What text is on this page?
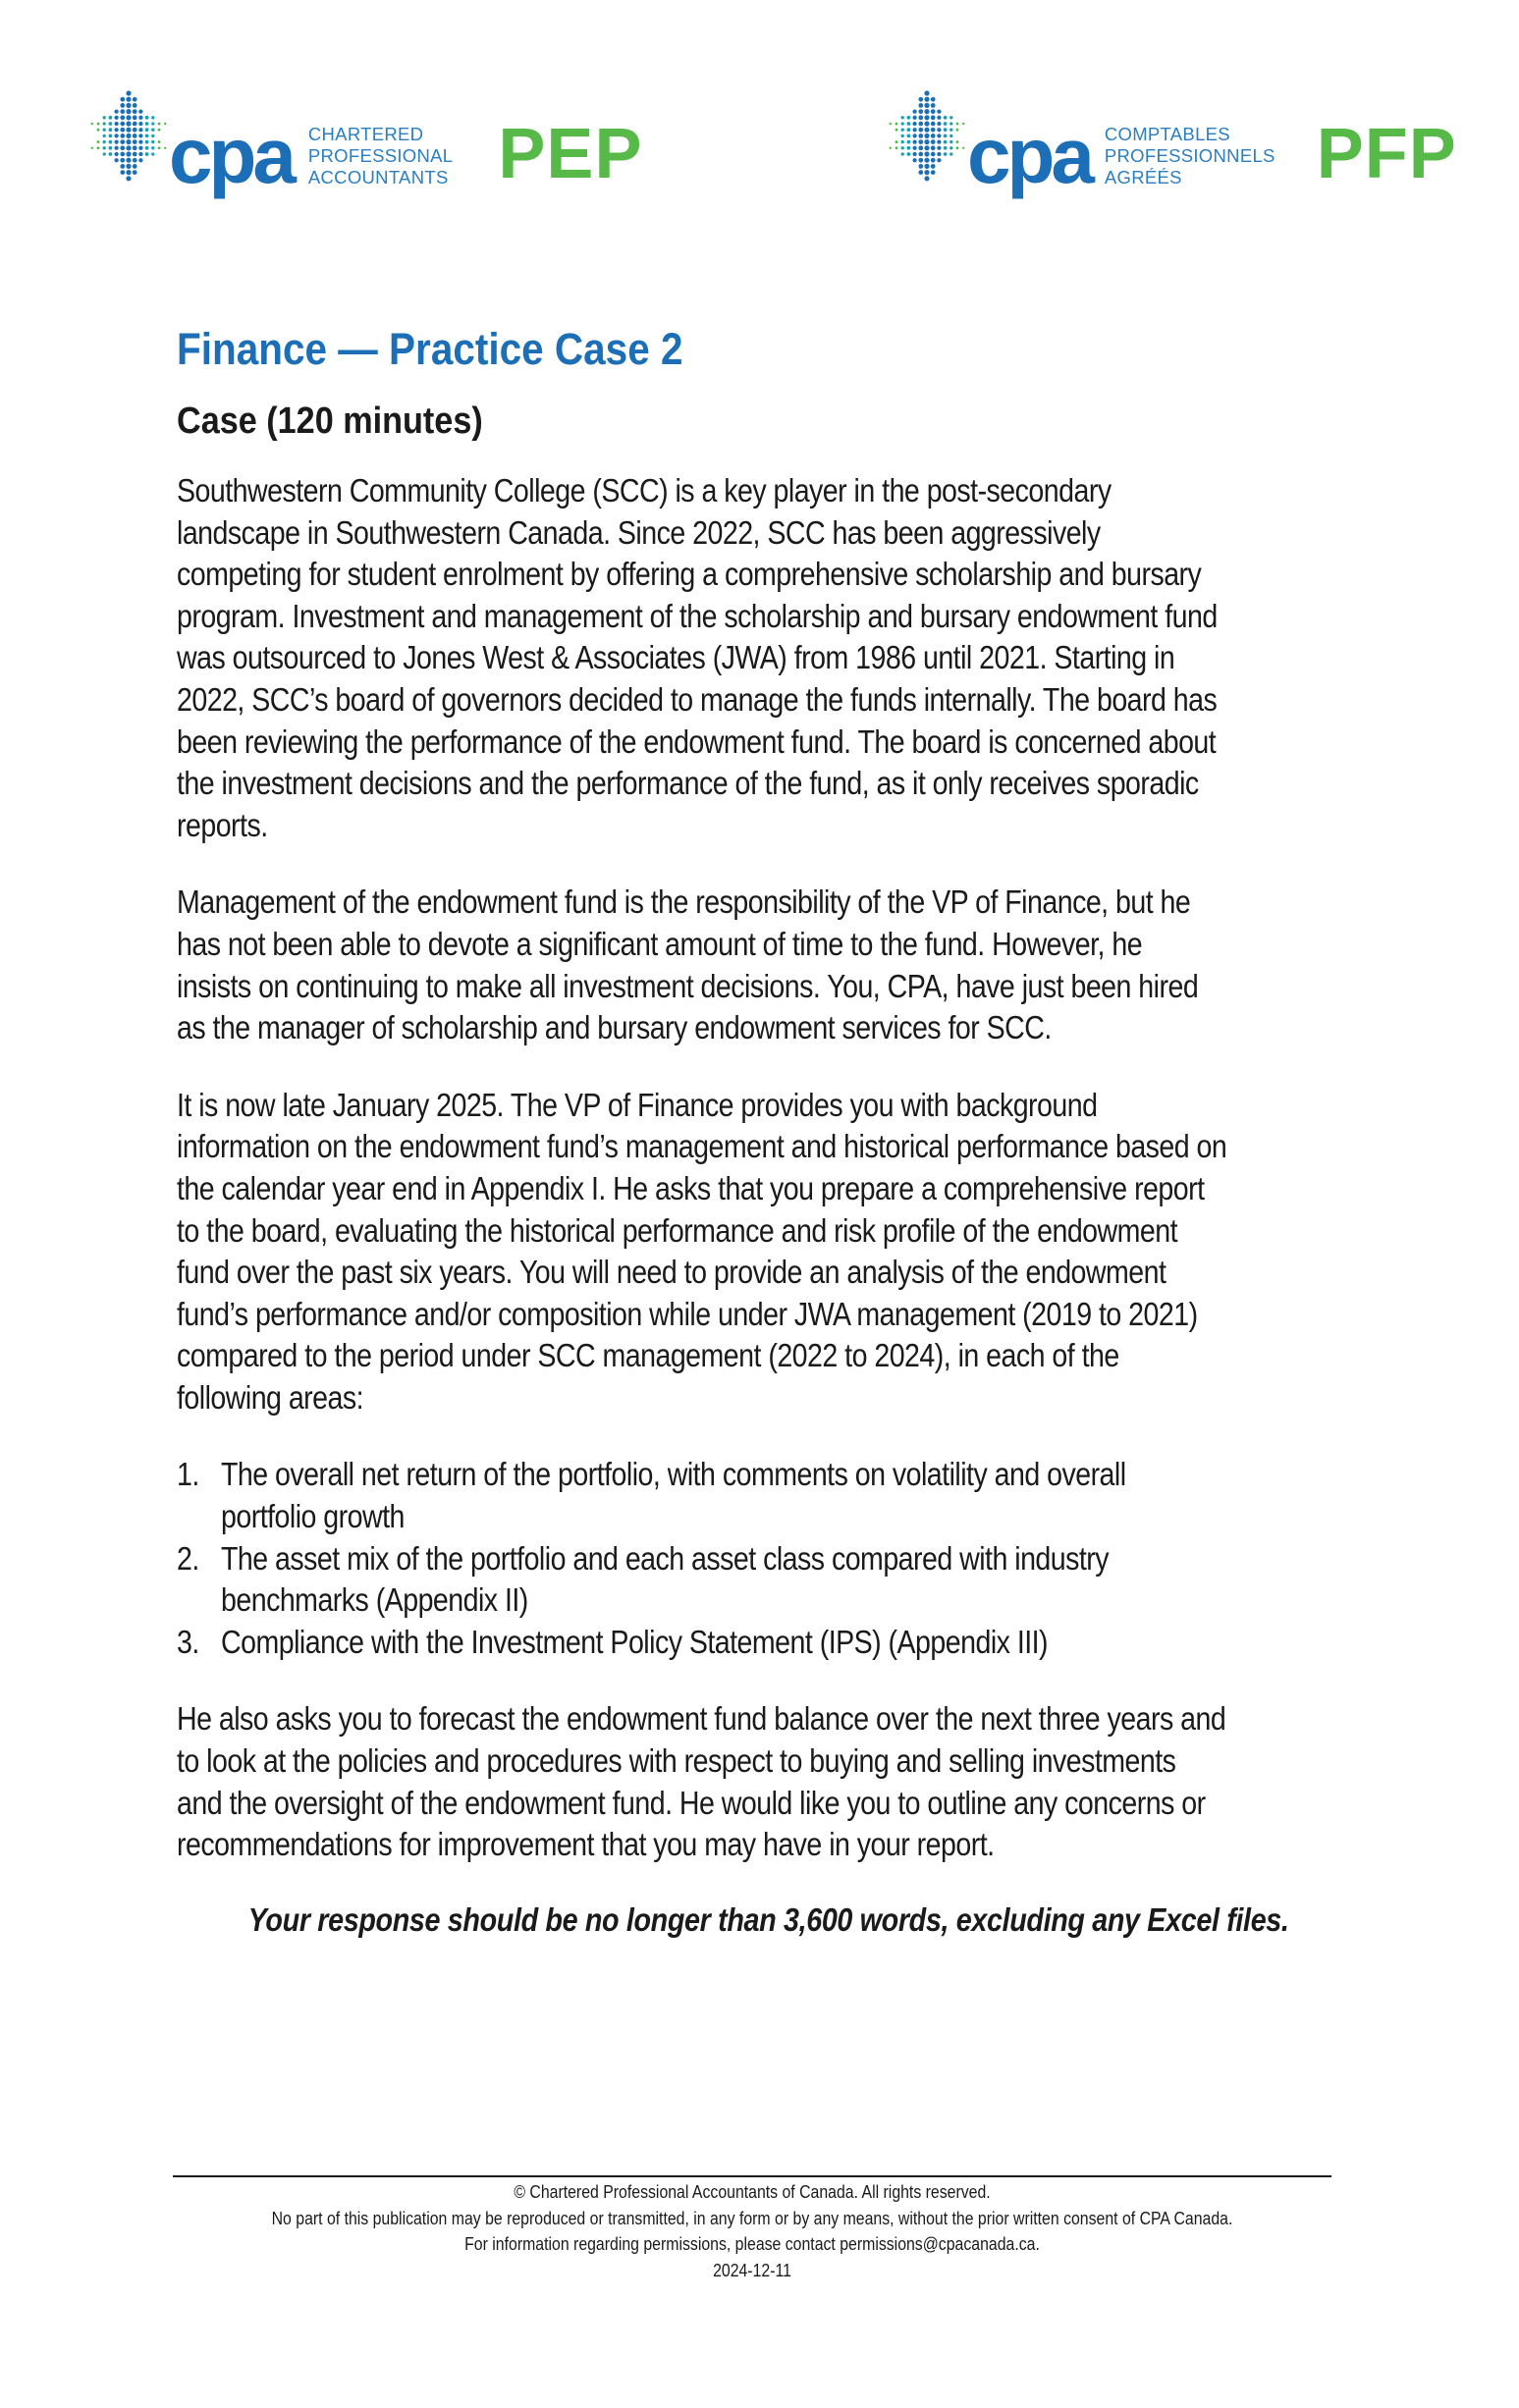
cpa CHARTERED
PROFESSIONAL
ACCOUNTANTS PEP	cpa COMPTABLES
PROFESSIONNELS
AGRÉÉS	PFP
Finance — Practice Case 2
Case (120 minutes)

Southwestern Community College (SCC) is a key player in the post-secondary
landscape in Southwestern Canada. Since 2022, SCC has been aggressively
competing for student enrolment by offering a comprehensive scholarship and bursary
program. Investment and management of the scholarship and bursary endowment fund
was outsourced to Jones West & Associates (JWA) from 1986 until 2021. Starting in
2022, SCC’s board of governors decided to manage the funds internally. The board has
been reviewing the performance of the endowment fund. The board is concerned about
the investment decisions and the performance of the fund, as it only receives sporadic
reports.

Management of the endowment fund is the responsibility of the VP of Finance, but he
has not been able to devote a significant amount of time to the fund. However, he
insists on continuing to make all investment decisions. You, CPA, have just been hired
as the manager of scholarship and bursary endowment services for SCC.

It is now late January 2025. The VP of Finance provides you with background
information on the endowment fund’s management and historical performance based on
the calendar year end in Appendix I. He asks that you prepare a comprehensive report
to the board, evaluating the historical performance and risk profile of the endowment
fund over the past six years. You will need to provide an analysis of the endowment
fund’s performance and/or composition while under JWA management (2019 to 2021)
compared to the period under SCC management (2022 to 2024), in each of the
following areas:

1. The overall net return of the portfolio, with comments on volatility and overall
portfolio growth
2. The asset mix of the portfolio and each asset class compared with industry
benchmarks (Appendix II)
3. Compliance with the Investment Policy Statement (IPS) (Appendix III)

He also asks you to forecast the endowment fund balance over the next three years and
to look at the policies and procedures with respect to buying and selling investments
and the oversight of the endowment fund. He would like you to outline any concerns or
recommendations for improvement that you may have in your report.

Your response should be no longer than 3,600 words, excluding any Excel files.
© Chartered Professional Accountants of Canada. All rights reserved.
No part of this publication may be reproduced or transmitted, in any form or by any means, without the prior written consent of CPA Canada.
For information regarding permissions, please contact permissions@cpacanada.ca.
2024-12-11
